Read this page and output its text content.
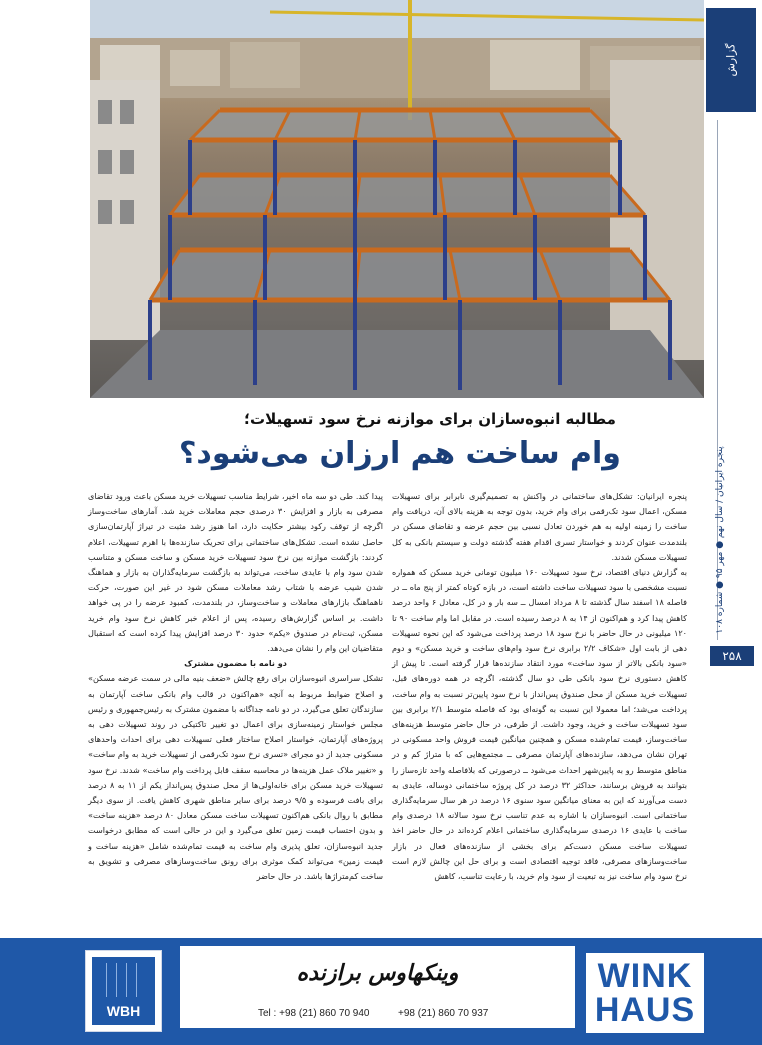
گزارش
پنجره ایرانیان / سال نهم ● مهر ۹۵ ● شماره ۱۰۸
۲۵۸
مطالبه انبوه‌سازان برای موازنه نرخ سود تسهیلات؛
وام ساخت هم ارزان می‌شود؟

پنجره ایرانیان: تشکل‌های ساختمانی در واکنش به تصمیم‌گیری نابرابر برای تسهیلات مسکن، اعمال سود تک‌رقمی برای وام خرید، بدون توجه به هزینه بالای آن، دریافت وام ساخت را زمینه اولیه به هم خوردن تعادل نسبی بین حجم عرضه و تقاضای مسکن در بلندمدت عنوان کردند و خواستار تسری اقدام هفته گذشته دولت و سیستم بانکی به کل تسهیلات مسکن شدند.

به گزارش دنیای اقتصاد، نرخ سود تسهیلات ۱۶۰ میلیون تومانی خرید مسکن که همواره نسبت مشخصی با سود تسهیلات ساخت داشته است، در بازه کوتاه کمتر از پنج ماه ــ در فاصله ۱۸ اسفند سال گذشته تا ۸ مرداد امسال ــ سه بار و در کل، معادل ۶ واحد درصد کاهش پیدا کرد و هم‌اکنون از ۱۴ به ۸ درصد رسیده است. در مقابل اما وام ساخت ۹۰ تا ۱۲۰ میلیونی در حال حاضر با نرخ سود ۱۸ درصد پرداخت می‌شود که این نحوه تسهیلات دهی از بابت اول «شکاف ۲/۲ برابری نرخ سود وام‌های ساخت و خرید مسکن» و دوم «سود بانکی بالاتر از سود ساخت» مورد انتقاد سازنده‌ها قرار گرفته است. تا پیش از کاهش دستوری نرخ سود بانکی طی دو سال گذشته، اگرچه در همه دوره‌های قبل، تسهیلات خرید مسکن از محل صندوق پس‌انداز با نرخ سود پایین‌تر نسبت به وام ساخت، پرداخت می‌شد؛ اما معمولا این نسبت به گونه‌ای بود که فاصله متوسط ۲/۱ برابری بین سود تسهیلات ساخت و خرید، وجود داشت. از طرفی، در حال حاضر متوسط هزینه‌های ساخت‌وساز، قیمت تمام‌شده مسکن و همچنین میانگین قیمت فروش واحد مسکونی در تهران نشان می‌دهد، سازنده‌های آپارتمان مصرفی ــ مجتمع‌هایی که با متراژ کم و در مناطق متوسط رو به پایین‌شهر احداث می‌شود ــ درصورتی که بلافاصله واحد تازه‌ساز را بتوانند به فروش برسانند، حداکثر ۳۲ درصد در کل پروژه ساختمانی دوساله، عایدی به دست می‌آورند که این به معنای میانگین سود سنوی ۱۶ درصد در هر سال سرمایه‌گذاری ساختمانی است. انبوه‌سازان با اشاره به عدم تناسب نرخ سود سالانه ۱۸ درصدی وام ساخت با عایدی ۱۶ درصدی سرمایه‌گذاری ساختمانی اعلام کرده‌اند در حال حاضر اخذ تسهیلات ساخت مسکن دست‌کم برای بخشی از سازنده‌های فعال در بازار ساخت‌وسازهای مصرفی، فاقد توجیه اقتصادی است و برای حل این چالش لازم است نرخ سود وام ساخت نیز به تبعیت از سود وام خرید، با رعایت تناسب، کاهش

پیدا کند. طی دو سه ماه اخیر، شرایط مناسب تسهیلات خرید مسکن باعث ورود تقاضای مصرفی به بازار و افزایش ۳۰ درصدی حجم معاملات خرید شد. آمارهای ساخت‌وساز اگرچه از توقف رکود بیشتر حکایت دارد، اما هنوز رشد مثبت در تیراژ آپارتمان‌سازی حاصل نشده است. تشکل‌های ساختمانی برای تحریک سازنده‌ها با اهرم تسهیلات، اعلام کردند: بازگشت موازنه بین نرخ سود تسهیلات خرید مسکن و ساخت مسکن و متناسب شدن سود وام با عایدی ساخت، می‌تواند به بازگشت سرمایه‌گذاران به بازار و هماهنگ شدن شیب عرضه با شتاب رشد معاملات مسکن شود در غیر این صورت، حرکت ناهماهنگ بازارهای معاملات و ساخت‌وساز، در بلندمدت، کمبود عرضه را در پی خواهد داشت. بر اساس گزارش‌های رسیده، پس از اعلام خبر کاهش نرخ سود وام خرید مسکن، ثبت‌نام در صندوق «یکم» حدود ۳۰ درصد افزایش پیدا کرده است که استقبال متقاضیان این وام را نشان می‌دهد.

دو نامه با مضمون مشترک

تشکل سراسری انبوه‌سازان برای رفع چالش «ضعف بنیه مالی در سمت عرضه مسکن» و اصلاح ضوابط مربوط به آنچه «هم‌اکنون در قالب وام بانکی ساخت آپارتمان به سازندگان تعلق می‌گیرد، در دو نامه جداگانه با مضمون مشترک به رئیس‌جمهوری و رئیس مجلس خواستار زمینه‌سازی برای اعمال دو تغییر تاکتیکی در روند تسهیلات دهی به پروژه‌های آپارتمان، خواستار اصلاح ساختار فعلی تسهیلات دهی برای احداث واحدهای مسکونی جدید از دو مجرای «تسری نرخ سود تک‌رقمی از تسهیلات خرید به وام ساخت» و «تغییر ملاک عمل هزینه‌ها در محاسبه سقف قابل پرداخت وام ساخت» شدند. نرخ سود تسهیلات خرید مسکن برای خانه‌اولی‌ها از محل صندوق پس‌انداز یکم از ۱۱ به ۸ درصد برای بافت فرسوده و ۹/۵ درصد برای سایر مناطق شهری کاهش یافت. از سوی دیگر مطابق با روال بانکی هم‌اکنون تسهیلات ساخت مسکن معادل ۸۰ درصد «هزینه ساخت» و بدون احتساب قیمت زمین تعلق می‌گیرد و این در حالی است که مطابق درخواست جدید انبوه‌سازان، تعلق پذیری وام ساخت به قیمت تمام‌شده شامل «هزینه ساخت و قیمت زمین» می‌تواند کمک موثری برای رونق ساخت‌وسازهای مصرفی و تشویق به ساخت کم‌متراژها باشد. در حال حاضر

WBH
وینکهاوس برازنده
Tel : +98 (21) 860 70 940	+98 (21) 860 70 937
WINK
HAUS
